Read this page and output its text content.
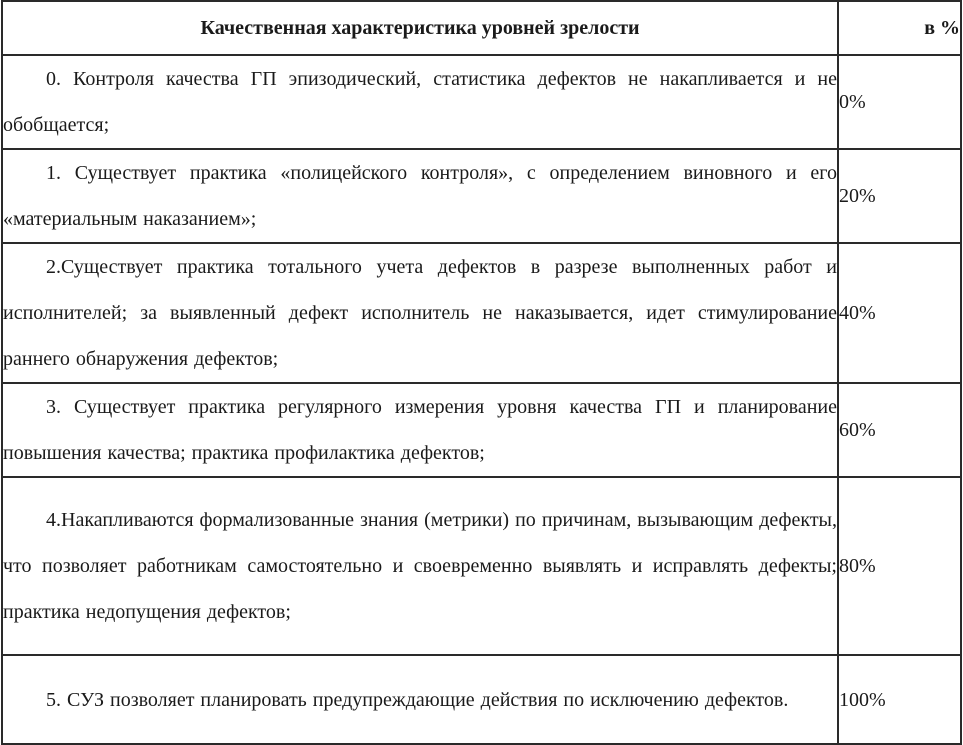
Качественная характеристика уровней зрелости	в %

0. Контроля качества ГП эпизодический, статистика дефектов не накапливается и не обобщается;	0%

1. Существует практика «полицейского контроля», с определением виновного и его «материальным наказанием»;	20%

2.Существует практика тотального учета дефектов в разрезе выполненных работ и исполнителей; за выявленный дефект исполнитель не наказывается, идет стимулирование раннего обнаружения дефектов;	40%

3. Существует практика регулярного измерения уровня качества ГП и планирование повышения качества; практика профилактика дефектов;	60%

4.Накапливаются формализованные знания (метрики) по причинам, вызывающим дефекты, что позволяет работникам самостоятельно и своевременно выявлять и исправлять дефекты; практика недопущения дефектов;	80%

5. СУЗ позволяет планировать предупреждающие действия по исключению дефектов.	100%
